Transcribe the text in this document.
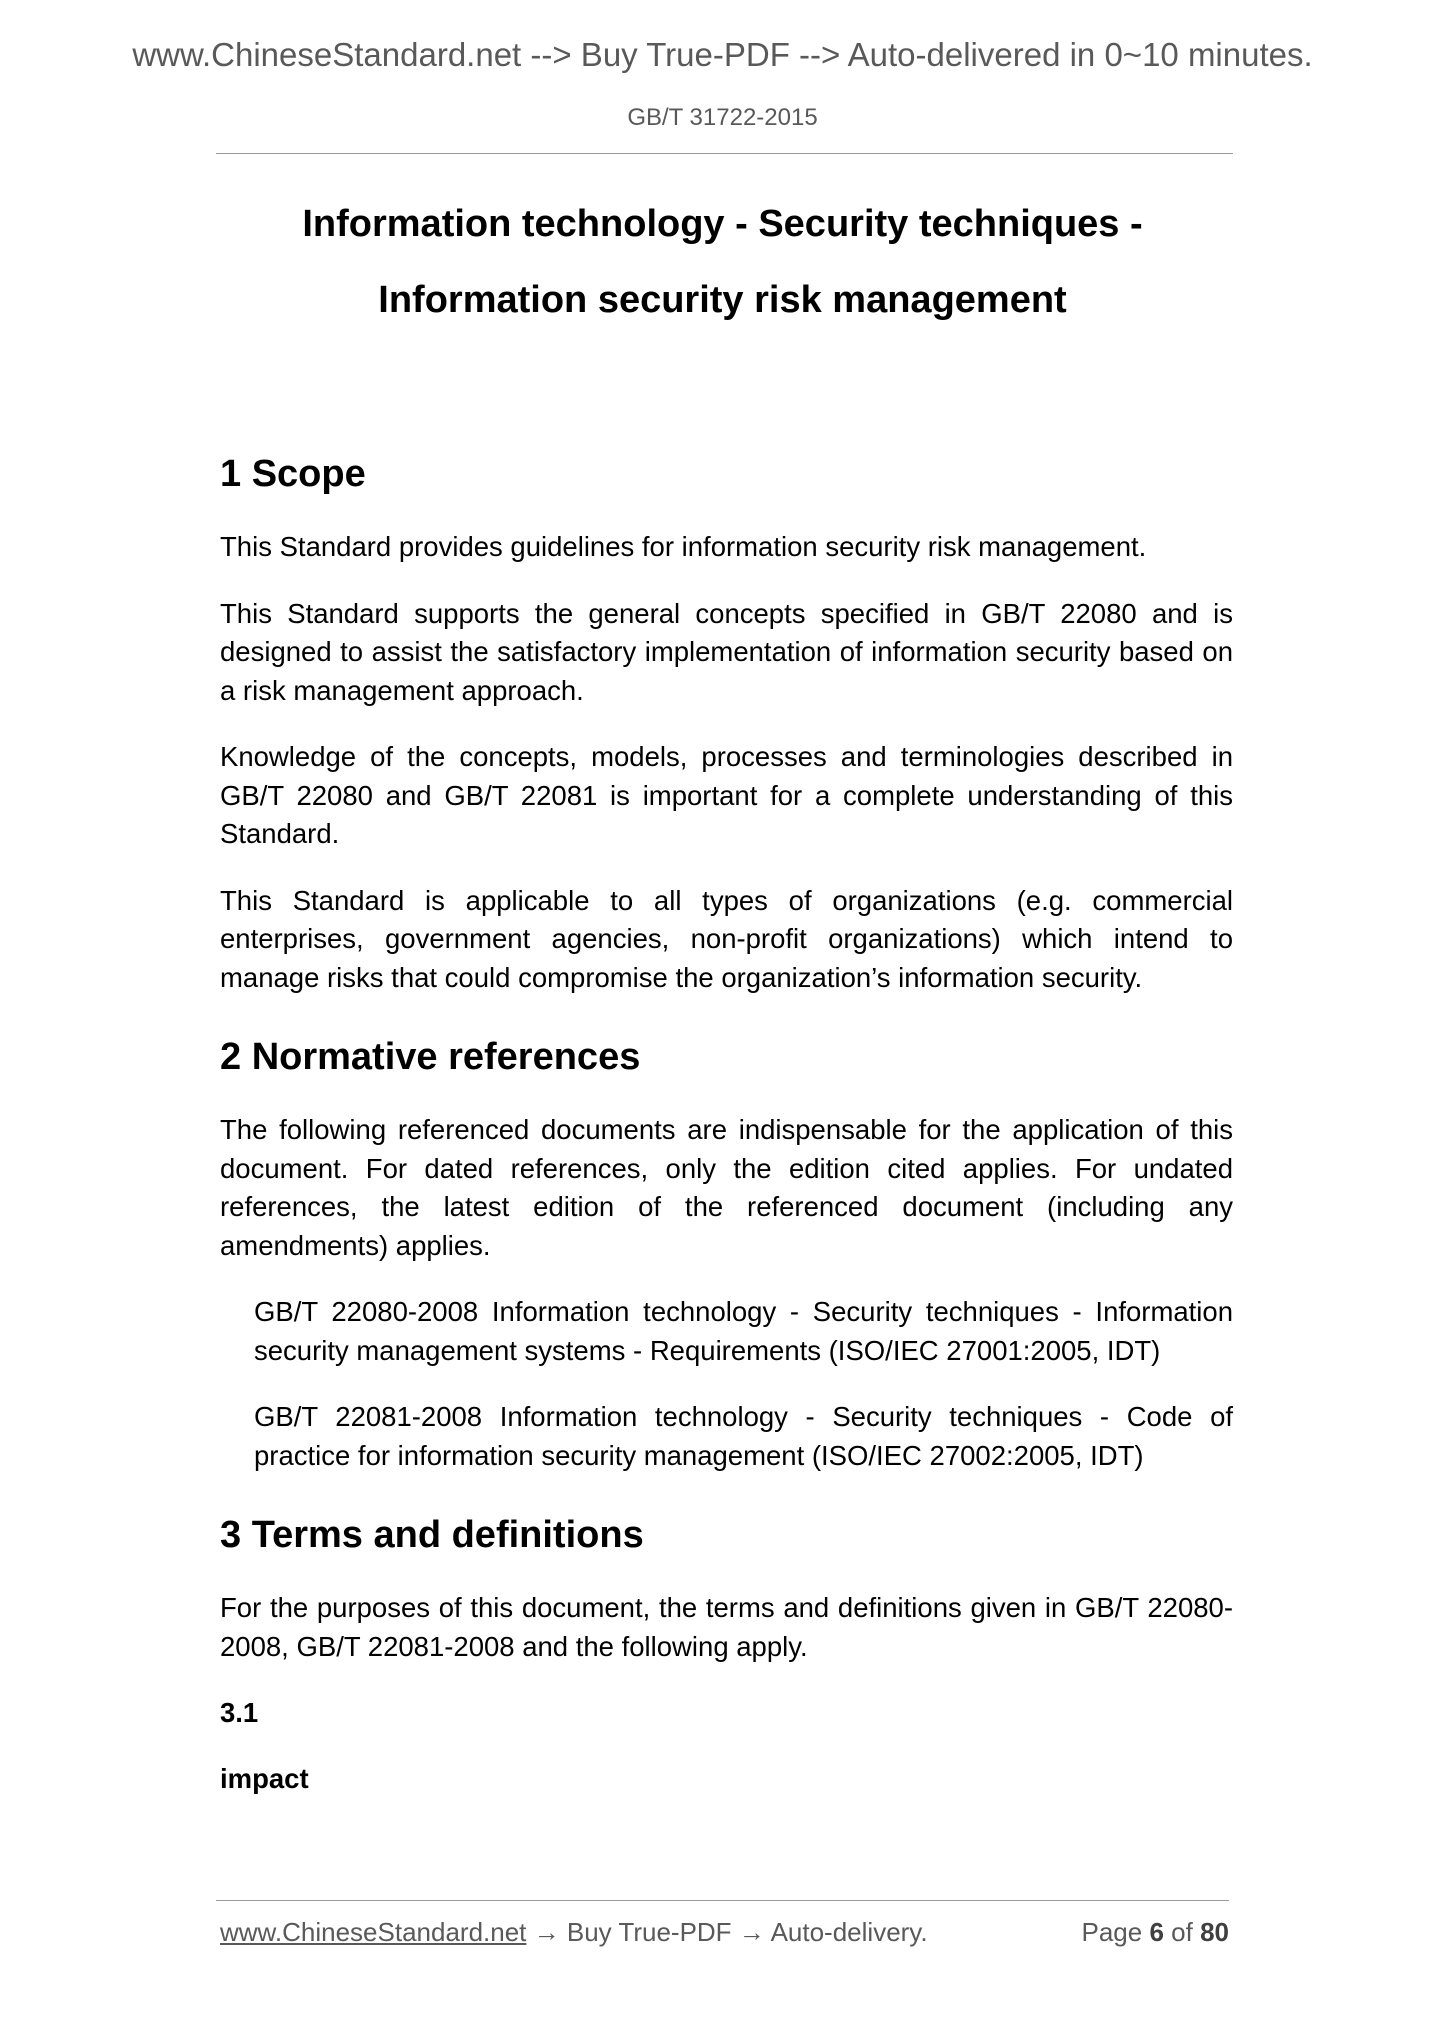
www.ChineseStandard.net --> Buy True-PDF --> Auto-delivered in 0~10 minutes.
GB/T 31722-2015
Information technology - Security techniques -
Information security risk management
1 Scope

This Standard provides guidelines for information security risk management.

This Standard supports the general concepts specified in GB/T 22080 and is designed to assist the satisfactory implementation of information security based on a risk management approach.

Knowledge of the concepts, models, processes and terminologies described in GB/T 22080 and GB/T 22081 is important for a complete understanding of this Standard.

This Standard is applicable to all types of organizations (e.g. commercial enterprises, government agencies, non-profit organizations) which intend to manage risks that could compromise the organization’s information security.

2 Normative references

The following referenced documents are indispensable for the application of this document. For dated references, only the edition cited applies. For undated references, the latest edition of the referenced document (including any amendments) applies.

GB/T 22080-2008 Information technology - Security techniques - Information security management systems - Requirements (ISO/IEC 27001:2005, IDT)

GB/T 22081-2008 Information technology - Security techniques - Code of practice for information security management (ISO/IEC 27002:2005, IDT)

3 Terms and definitions

For the purposes of this document, the terms and definitions given in GB/T 22080-2008, GB/T 22081-2008 and the following apply.

3.1
impact
www.ChineseStandard.net → Buy True-PDF → Auto-delivery.	Page 6 of 80
